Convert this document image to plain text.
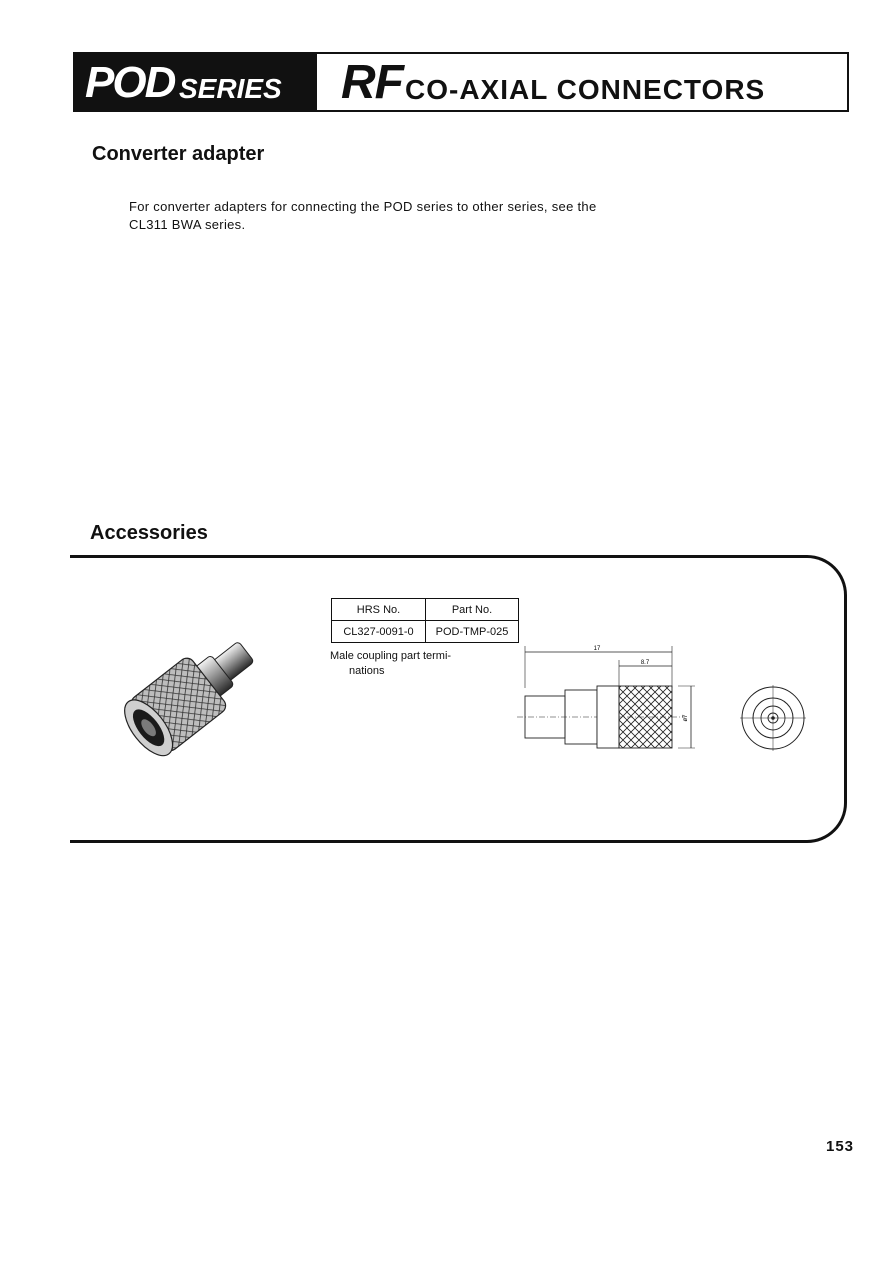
POD SERIES RF CO-AXIAL CONNECTORS
Converter adapter
For converter adapters for connecting the POD series to other series, see the
CL311 BWA series.
Accessories
HRS No.	Part No.
CL327-0091-0	POD-TMP-025
Male coupling part termi-
nations
17
8.7
ø7
153
